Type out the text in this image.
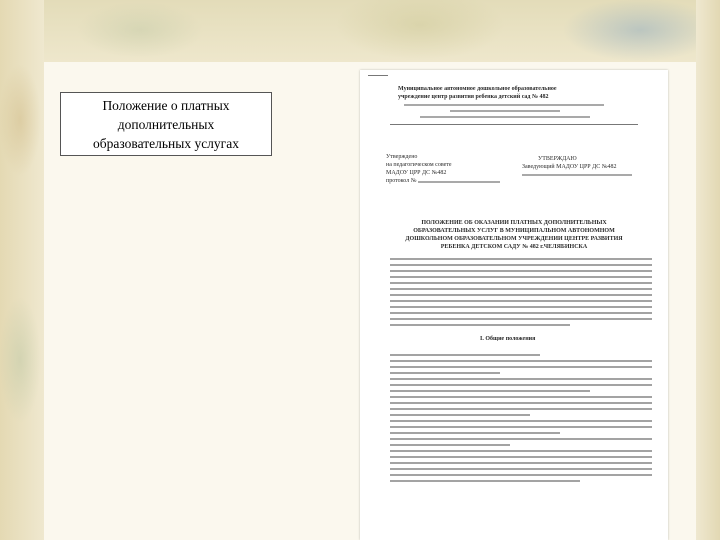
Положение о платных
дополнительных
образовательных услугах
Муниципальное автономное дошкольное образовательное
учреждение центр развития ребенка детский сад № 482
Утверждено
на педагогическом совете
МАДОУ ЦРР ДС №482
протокол №
УТВЕРЖДАЮ
Заведующий МАДОУ ЦРР ДС №482
ПОЛОЖЕНИЕ ОБ ОКАЗАНИИ ПЛАТНЫХ ДОПОЛНИТЕЛЬНЫХ
ОБРАЗОВАТЕЛЬНЫХ УСЛУГ В МУНИЦИПАЛЬНОМ АВТОНОМНОМ
ДОШКОЛЬНОМ ОБРАЗОВАТЕЛЬНОМ УЧРЕЖДЕНИИ ЦЕНТРЕ РАЗВИТИЯ
РЕБЕНКА ДЕТСКОМ САДУ № 482 г.ЧЕЛЯБИНСКА
I. Общие положения
